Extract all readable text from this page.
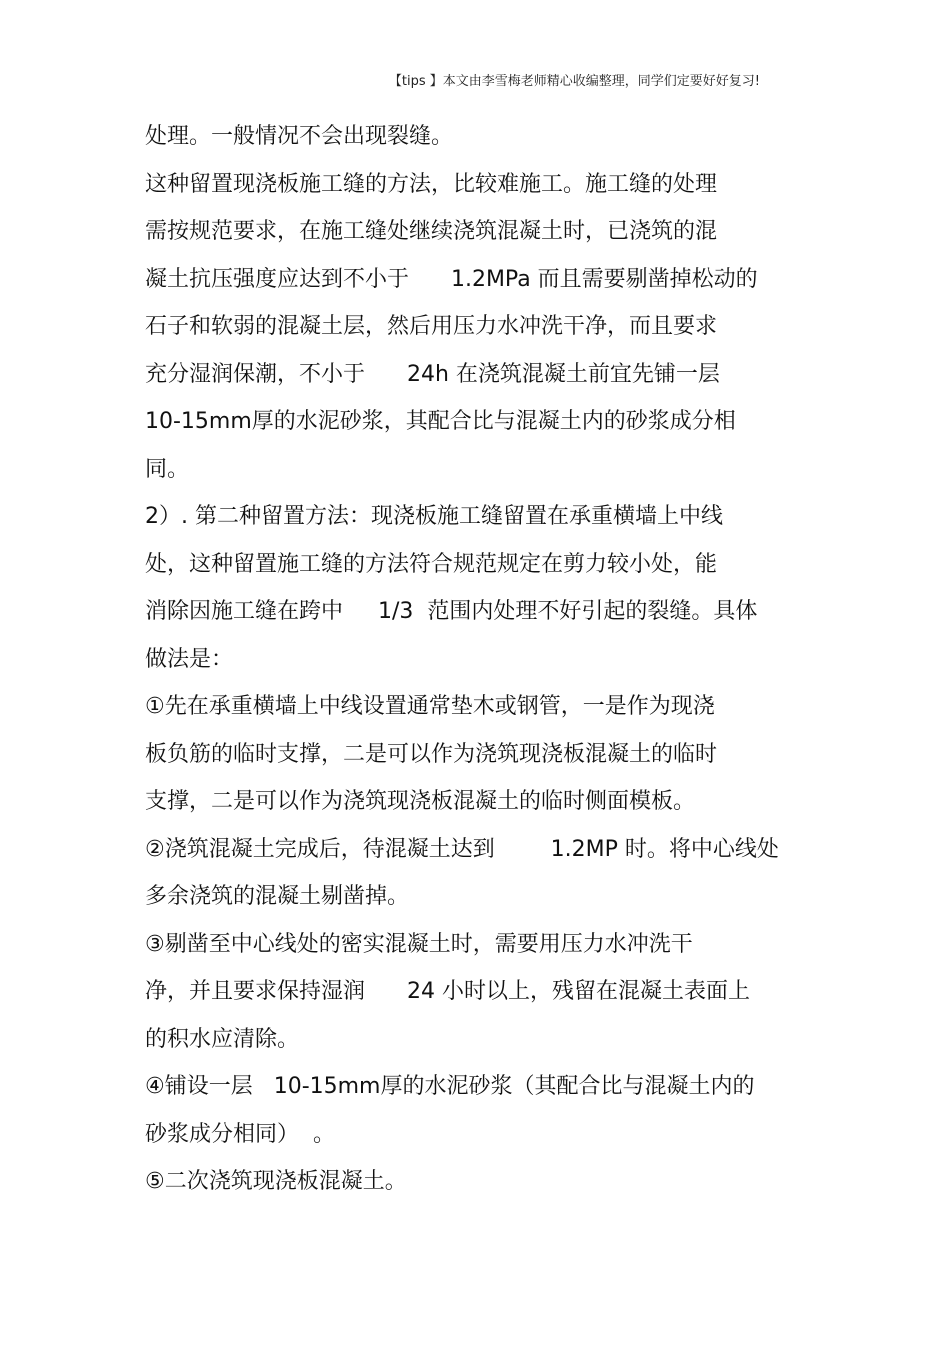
【tips 】本文由李雪梅老师精心收编整理，同学们定要好好复习!
处理。一般情况不会出现裂缝。
这种留置现浇板施工缝的方法，比较难施工。施工缝的处理
需按规范要求，在施工缝处继续浇筑混凝土时，已浇筑的混
凝土抗压强度应达到不小于      1.2MPa 而且需要剔凿掉松动的
石子和软弱的混凝土层，然后用压力水冲洗干净，而且要求
充分湿润保潮，不小于      24h 在浇筑混凝土前宜先铺一层
10-15mm厚的水泥砂浆，其配合比与混凝土内的砂浆成分相
同。
2）. 第二种留置方法：现浇板施工缝留置在承重横墙上中线
处，这种留置施工缝的方法符合规范规定在剪力较小处，能
消除因施工缝在跨中     1/3  范围内处理不好引起的裂缝。具体
做法是：
①先在承重横墙上中线设置通常垫木或钢管，一是作为现浇
板负筋的临时支撑，二是可以作为浇筑现浇板混凝土的临时
支撑，二是可以作为浇筑现浇板混凝土的临时侧面模板。
②浇筑混凝土完成后，待混凝土达到        1.2MP 时。将中心线处
多余浇筑的混凝土剔凿掉。
③剔凿至中心线处的密实混凝土时，需要用压力水冲洗干
净，并且要求保持湿润      24 小时以上，残留在混凝土表面上
的积水应清除。
④铺设一层   10-15mm厚的水泥砂浆（其配合比与混凝土内的
砂浆成分相同）  。
⑤二次浇筑现浇板混凝土。
